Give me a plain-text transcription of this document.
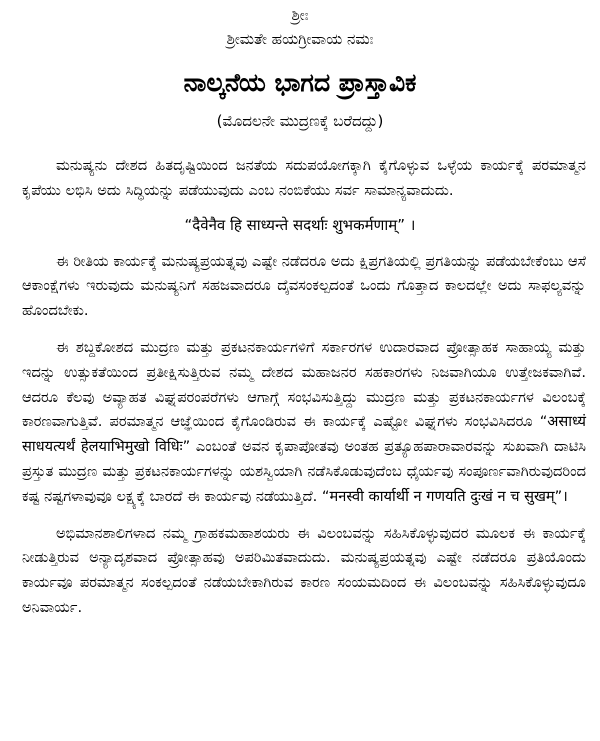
ಶ್ರೀಃ
ಶ್ರೀಮತೇ ಹಯಗ್ರೀವಾಯ ನಮಃ
ನಾಲ್ಕನೆಯ ಭಾಗದ ಪ್ರಾಸ್ತಾವಿಕ
(ಮೊದಲನೇ ಮುದ್ರಣಕ್ಕೆ ಬರೆದದ್ದು)

ಮನುಷ್ಯನು ದೇಶದ ಹಿತದೃಷ್ಟಿಯಿಂದ ಜನತೆಯ ಸದುಪಯೋಗಕ್ಕಾಗಿ ಕೈಗೊಳ್ಳುವ ಒಳ್ಳೆಯ ಕಾರ್ಯಕ್ಕೆ ಪರಮಾತ್ಮನ ಕೃಪೆಯು ಲಭಿಸಿ ಅದು ಸಿದ್ಧಿಯನ್ನು ಪಡೆಯುವುದು ಎಂಬ ನಂಬಿಕೆಯು ಸರ್ವ ಸಾಮಾನ್ಯವಾದುದು.

“दैवेनैव हि साध्यन्ते सदर्थाः शुभकर्मणाम्” ।

ಈ ರೀತಿಯ ಕಾರ್ಯಕ್ಕೆ ಮನುಷ್ಯಪ್ರಯತ್ನವು ಎಷ್ಟೇ ನಡೆದರೂ ಅದು ಕ್ಷಿಪ್ರಗತಿಯಲ್ಲಿ ಪ್ರಗತಿಯನ್ನು ಪಡೆಯಬೇಕೆಂಬು ಆಸೆ ಆಕಾಂಕ್ಷೆಗಳು ಇರುವುದು ಮನುಷ್ಯನಿಗೆ ಸಹಜವಾದರೂ ದೈವಸಂಕಲ್ಪದಂತೆ ಒಂದು ಗೊತ್ತಾದ ಕಾಲದಲ್ಲೇ ಅದು ಸಾಫಲ್ಯವನ್ನು ಹೊಂದಬೇಕು.

ಈ ಶಬ್ದಕೋಶದ ಮುದ್ರಣ ಮತ್ತು ಪ್ರಕಟನಕಾರ್ಯಗಳಿಗೆ ಸರ್ಕಾರಗಳ ಉದಾರವಾದ ಪ್ರೋತ್ಸಾಹಕ ಸಾಹಾಯ್ಯ ಮತ್ತು ಇದನ್ನು ಉತ್ಸುಕತೆಯಿಂದ ಪ್ರತೀಕ್ಷಿಸುತ್ತಿರುವ ನಮ್ಮ ದೇಶದ ಮಹಾಜನರ ಸಹಕಾರಗಳು ನಿಜವಾಗಿಯೂ ಉತ್ತೇಜಕವಾಗಿವೆ. ಆದರೂ ಕೆಲವು ಅವ್ಯಾಹತ ವಿಘ್ನಪರಂಪರೆಗಳು ಆಗಾಗ್ಗೆ ಸಂಭವಿಸುತ್ತಿದ್ದು ಮುದ್ರಣ ಮತ್ತು ಪ್ರಕಟನಕಾರ್ಯಗಳ ವಿಲಂಬಕ್ಕೆ ಕಾರಣವಾಗುತ್ತಿವೆ. ಪರಮಾತ್ಮನ ಆಜ್ಞೆಯಿಂದ ಕೈಗೊಂಡಿರುವ ಈ ಕಾರ್ಯಕ್ಕೆ ಎಷ್ಟೋ ವಿಘ್ನಗಳು ಸಂಭವಿಸಿದರೂ “असाध्यं साधयत्यर्थं हेलयाभिमुखो विधिः” ಎಂಬಂತೆ ಅವನ ಕೃಪಾಪೋತವು ಅಂತಹ ಪ್ರತ್ಯೂಹಪಾರಾವಾರವನ್ನು ಸುಖವಾಗಿ ದಾಟಿಸಿ ಪ್ರಸ್ತುತ ಮುದ್ರಣ ಮತ್ತು ಪ್ರಕಟನಕಾರ್ಯಗಳನ್ನು ಯಶಸ್ವಿಯಾಗಿ ನಡೆಸಿಕೊಡುವುದೆಂಬ ಧೈರ್ಯವು ಸಂಪೂರ್ಣವಾಗಿರುವುದರಿಂದ ಕಷ್ಟ ನಷ್ಟಗಳಾವುವೂ ಲಕ್ಷ್ಯಕ್ಕೆ ಬಾರದೆ ಈ ಕಾರ್ಯವು ನಡೆಯುತ್ತಿದೆ. “मनस्वी कार्यार्थी न गणयति दुःखं न च सुखम्”।

ಅಭಿಮಾನಶಾಲಿಗಳಾದ ನಮ್ಮ ಗ್ರಾಹಕಮಹಾಶಯರು ಈ ವಿಲಂಬವನ್ನು ಸಹಿಸಿಕೊಳ್ಳುವುದರ ಮೂಲಕ ಈ ಕಾರ್ಯಕ್ಕೆ ನೀಡುತ್ತಿರುವ ಅನ್ಯಾದೃಶವಾದ ಪ್ರೋತ್ಸಾಹವು ಅಪರಿಮಿತವಾದುದು. ಮನುಷ್ಯಪ್ರಯತ್ನವು ಎಷ್ಟೇ ನಡೆದರೂ ಪ್ರತಿಯೊಂದು ಕಾರ್ಯವೂ ಪರಮಾತ್ಮನ ಸಂಕಲ್ಪದಂತೆ ನಡೆಯಬೇಕಾಗಿರುವ ಕಾರಣ ಸಂಯಮದಿಂದ ಈ ವಿಲಂಬವನ್ನು ಸಹಿಸಿಕೊಳ್ಳುವುದೂ ಅನಿವಾರ್ಯ.
